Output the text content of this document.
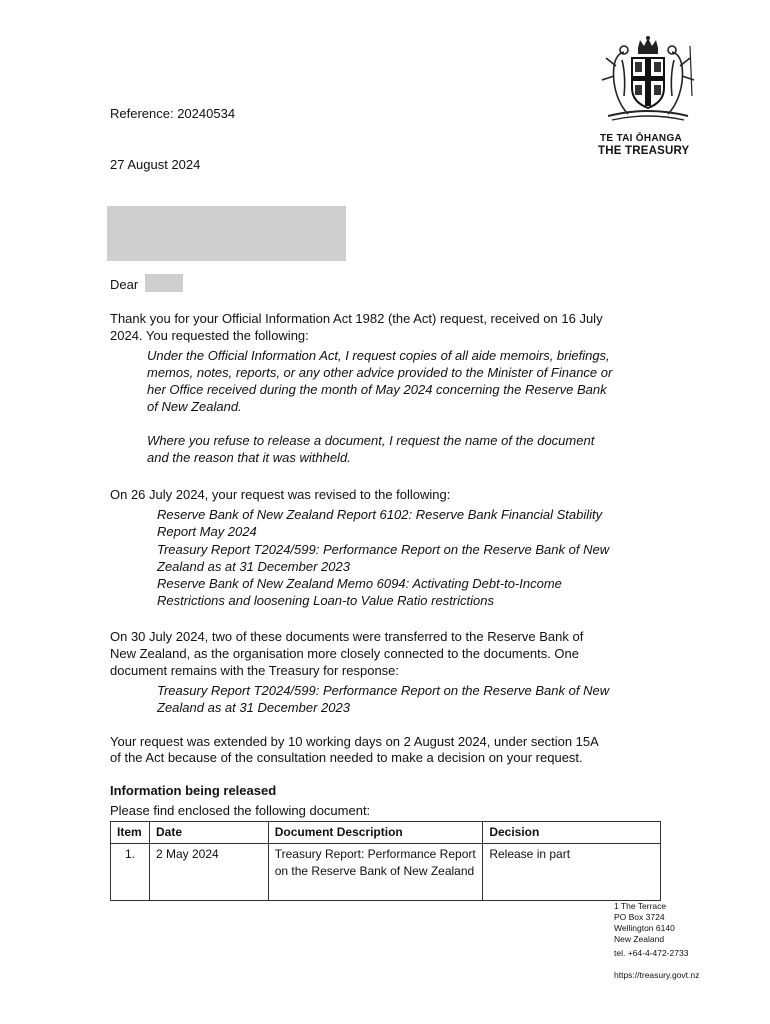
TE TAI ŌHANGA
THE TREASURY
Reference: 20240534
27 August 2024
Dear
Thank you for your Official Information Act 1982 (the Act) request, received on 16 July
2024. You requested the following:
Under the Official Information Act, I request copies of all aide memoirs, briefings,
memos, notes, reports, or any other advice provided to the Minister of Finance or
her Office received during the month of May 2024 concerning the Reserve Bank
of New Zealand.
Where you refuse to release a document, I request the name of the document
and the reason that it was withheld.
On 26 July 2024, your request was revised to the following:
Reserve Bank of New Zealand Report 6102: Reserve Bank Financial Stability
Report May 2024
Treasury Report T2024/599: Performance Report on the Reserve Bank of New
Zealand as at 31 December 2023
Reserve Bank of New Zealand Memo 6094: Activating Debt-to-Income
Restrictions and loosening Loan-to Value Ratio restrictions
On 30 July 2024, two of these documents were transferred to the Reserve Bank of
New Zealand, as the organisation more closely connected to the documents. One
document remains with the Treasury for response:
Treasury Report T2024/599: Performance Report on the Reserve Bank of New
Zealand as at 31 December 2023
Your request was extended by 10 working days on 2 August 2024, under section 15A
of the Act because of the consultation needed to make a decision on your request.
Information being released
Please find enclosed the following document:
Item	Date	Document Description	Decision
1.	2 May 2024	Treasury Report: Performance Report on the Reserve Bank of New Zealand	Release in part
1 The Terrace
PO Box 3724
Wellington 6140
New Zealand
tel. +64-4-472-2733
https://treasury.govt.nz
